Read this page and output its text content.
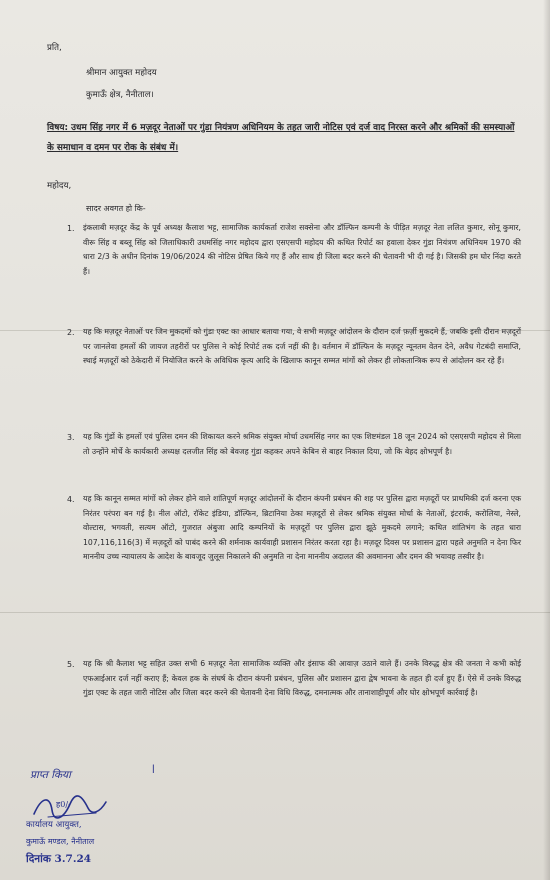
प्रति,

श्रीमान आयुक्त महोदय

कुमाऊँ क्षेत्र, नैनीताल।

विषय: उधम सिंह नगर में 6 मज़दूर नेताओं पर गुंडा नियंत्रण अधिनियम के तहत जारी नोटिस एवं दर्ज वाद निरस्त करने और श्रमिकों की समस्याओं के समाधान व दमन पर रोक के संबंध में।

महोदय,

सादर अवगत हो कि-

1. इंकलाबी मज़दूर केंद्र के पूर्व अध्यक्ष कैलाश भट्ट, सामाजिक कार्यकर्ता राजेश सक्सेना और डॉल्फिन कम्पनी के पीड़ित मज़दूर नेता ललित कुमार, सोनू कुमार, वीरू सिंह व बब्लू सिंह को जिलाधिकारी उधमसिंह नगर महोदय द्वारा एसएसपी महोदय की कथित रिपोर्ट का हवाला देकर गुंडा नियंत्रण अधिनियम 1970 की धारा 2/3 के अधीन दिनांक 19/06/2024 की नोटिस प्रेषित किये गए हैं और साथ ही जिला बदर करने की चेतावनी भी दी गई है। जिसकी हम घोर निंदा करते हैं।

2. यह कि मज़दूर नेताओं पर जिन मुकदमों को गुंडा एक्ट का आधार बताया गया, वे सभी मज़दूर आंदोलन के दौरान दर्ज फ़र्ज़ी मुकदमे हैं, जबकि इसी दौरान मज़दूरों पर जानलेवा हमलों की जायज तहरीरों पर पुलिस ने कोई रिपोर्ट तक दर्ज नहीं की है। वर्तमान में डॉल्फिन के मज़दूर न्यूनतम वेतन देने, अवैध गेटबंदी समाप्ति, स्थाई मज़दूरों को ठेकेदारी में नियोजित करने के अविधिक कृत्य आदि के खिलाफ कानून सम्मत मांगों को लेकर ही लोकतान्त्रिक रूप से आंदोलन कर रहे हैं।

3. यह कि गुंडों के हमलों एवं पुलिस दमन की शिकायत करने श्रमिक संयुक्त मोर्चा उधमसिंह नगर का एक शिष्टमंडल 18 जून 2024 को एसएसपी महोदय से मिला तो उन्होंने मोर्चे के कार्यकारी अध्यक्ष दलजीत सिंह को बेवजह गुंडा कहकर अपने केबिन से बाहर निकाल दिया, जो कि बेहद क्षोभपूर्ण है।

4. यह कि कानून सम्मत मांगों को लेकर होने वाले शांतिपूर्ण मज़दूर आंदोलनों के दौरान कंपनी प्रबंधन की शह पर पुलिस द्वारा मज़दूरों पर प्राथमिकी दर्ज करना एक निरंतर परंपरा बन गई है। नील ऑटो, रॉकेट इंडिया, डॉल्फिन, ब्रिटानिया ठेका मज़दूरों से लेकर श्रमिक संयुक्त मोर्चा के नेताओं, इंटरार्क, करोलिया, नेस्ले, वोल्टास, भगवती, सत्यम ऑटो, गुजरात अंबुजा आदि कम्पनियों के मज़दूरों पर पुलिस द्वारा झूठे मुकदमे लगाने; कथित शांतिभंग के तहत धारा 107,116,116(3) में मज़दूरों को पाबंद करने की शर्मनाक कार्यवाही प्रशासन निरंतर करता रहा है। मज़दूर दिवस पर प्रशासन द्वारा पहले अनुमति न देना फिर माननीय उच्च न्यायालय के आदेश के बावजूद जुलूस निकालने की अनुमति ना देना माननीय अदालत की अवमानना और दमन की भयावह तस्वीर है।

5. यह कि श्री कैलाश भट्ट सहित उक्त सभी 6 मज़दूर नेता सामाजिक व्यक्ति और इंसाफ की आवाज़ उठाने वाले हैं। उनके विरुद्ध क्षेत्र की जनता ने कभी कोई एफआईआर दर्ज नहीं कराए हैं; केवल हक के संघर्ष के दौरान कंपनी प्रबंधन, पुलिस और प्रशासन द्वारा द्वेष भावना के तहत ही दर्ज हुए हैं। ऐसे में उनके विरुद्ध गुंडा एक्ट के तहत जारी नोटिस और जिला बदर करने की चेतावनी देना विधि विरुद्ध, दमनात्मक और तानाशाहीपूर्ण और घोर क्षोभपूर्ण कार्रवाई है।

प्राप्त किया	ǀ

ह0/-

कार्यालय आयुक्त,

कुमाऊँ मण्डल, नैनीताल

दिनांक 3.7.24
